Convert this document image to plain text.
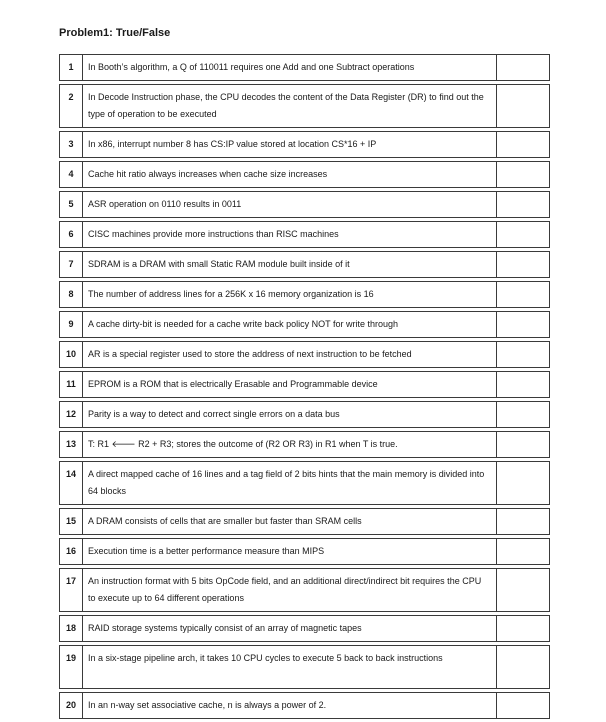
Problem1: True/False
1	In Booth’s algorithm, a Q of 110011 requires one Add and one Subtract operations	
2	In Decode Instruction phase, the CPU decodes the content of the Data Register (DR) to find out the type of operation to be executed	
3	In x86, interrupt number 8 has CS:IP value stored at location CS*16 + IP	
4	Cache hit ratio always increases when cache size increases	
5	ASR operation on 0110 results in 0011	
6	CISC machines provide more instructions than RISC machines	
7	SDRAM is a DRAM with small Static RAM module built inside of it	
8	The number of address lines for a 256K x 16 memory organization is 16	
9	A cache dirty-bit is needed for a cache write back policy NOT for write through	
10	AR is a special register used to store the address of next instruction to be fetched	
11	EPROM is a ROM that is electrically Erasable and Programmable device	
12	Parity is a way to detect and correct single errors on a data bus	
13	T: R1 🡐 R2 + R3; stores the outcome of (R2 OR R3) in R1 when T is true.	
14	A direct mapped cache of 16 lines and a tag field of 2 bits hints that the main memory is divided into 64 blocks	
15	A DRAM consists of cells that are smaller but faster than SRAM cells	
16	Execution time is a better performance measure than MIPS	
17	An instruction format with 5 bits OpCode field, and an additional direct/indirect bit requires the CPU to execute up to 64 different operations	
18	RAID storage systems typically consist of an array of magnetic tapes	
19	In a six-stage pipeline arch, it takes 10 CPU cycles to execute 5 back to back instructions	
20	In an n-way set associative cache, n is always a power of 2.	
